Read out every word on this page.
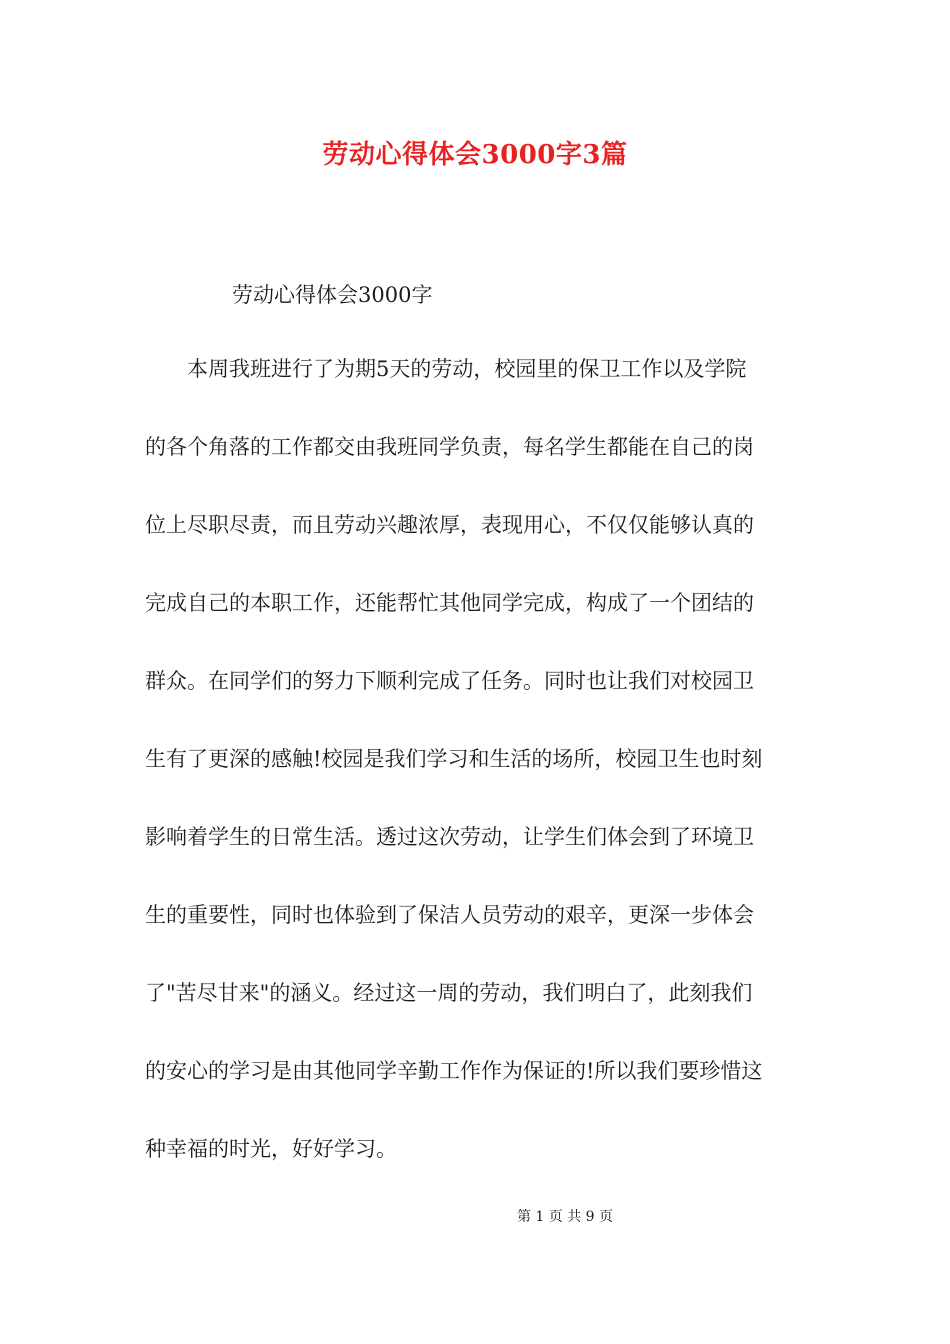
劳动心得体会3000字3篇
劳动心得体会3000字
本周我班进行了为期5天的劳动，校园里的保卫工作以及学院
的各个角落的工作都交由我班同学负责，每名学生都能在自己的岗
位上尽职尽责，而且劳动兴趣浓厚，表现用心，不仅仅能够认真的
完成自己的本职工作，还能帮忙其他同学完成，构成了一个团结的
群众。在同学们的努力下顺利完成了任务。同时也让我们对校园卫
生有了更深的感触!校园是我们学习和生活的场所，校园卫生也时刻
影响着学生的日常生活。透过这次劳动，让学生们体会到了环境卫
生的重要性，同时也体验到了保洁人员劳动的艰辛，更深一步体会
了"苦尽甘来"的涵义。经过这一周的劳动，我们明白了，此刻我们
的安心的学习是由其他同学辛勤工作作为保证的!所以我们要珍惜这
种幸福的时光，好好学习。
第 1 页 共 9 页
